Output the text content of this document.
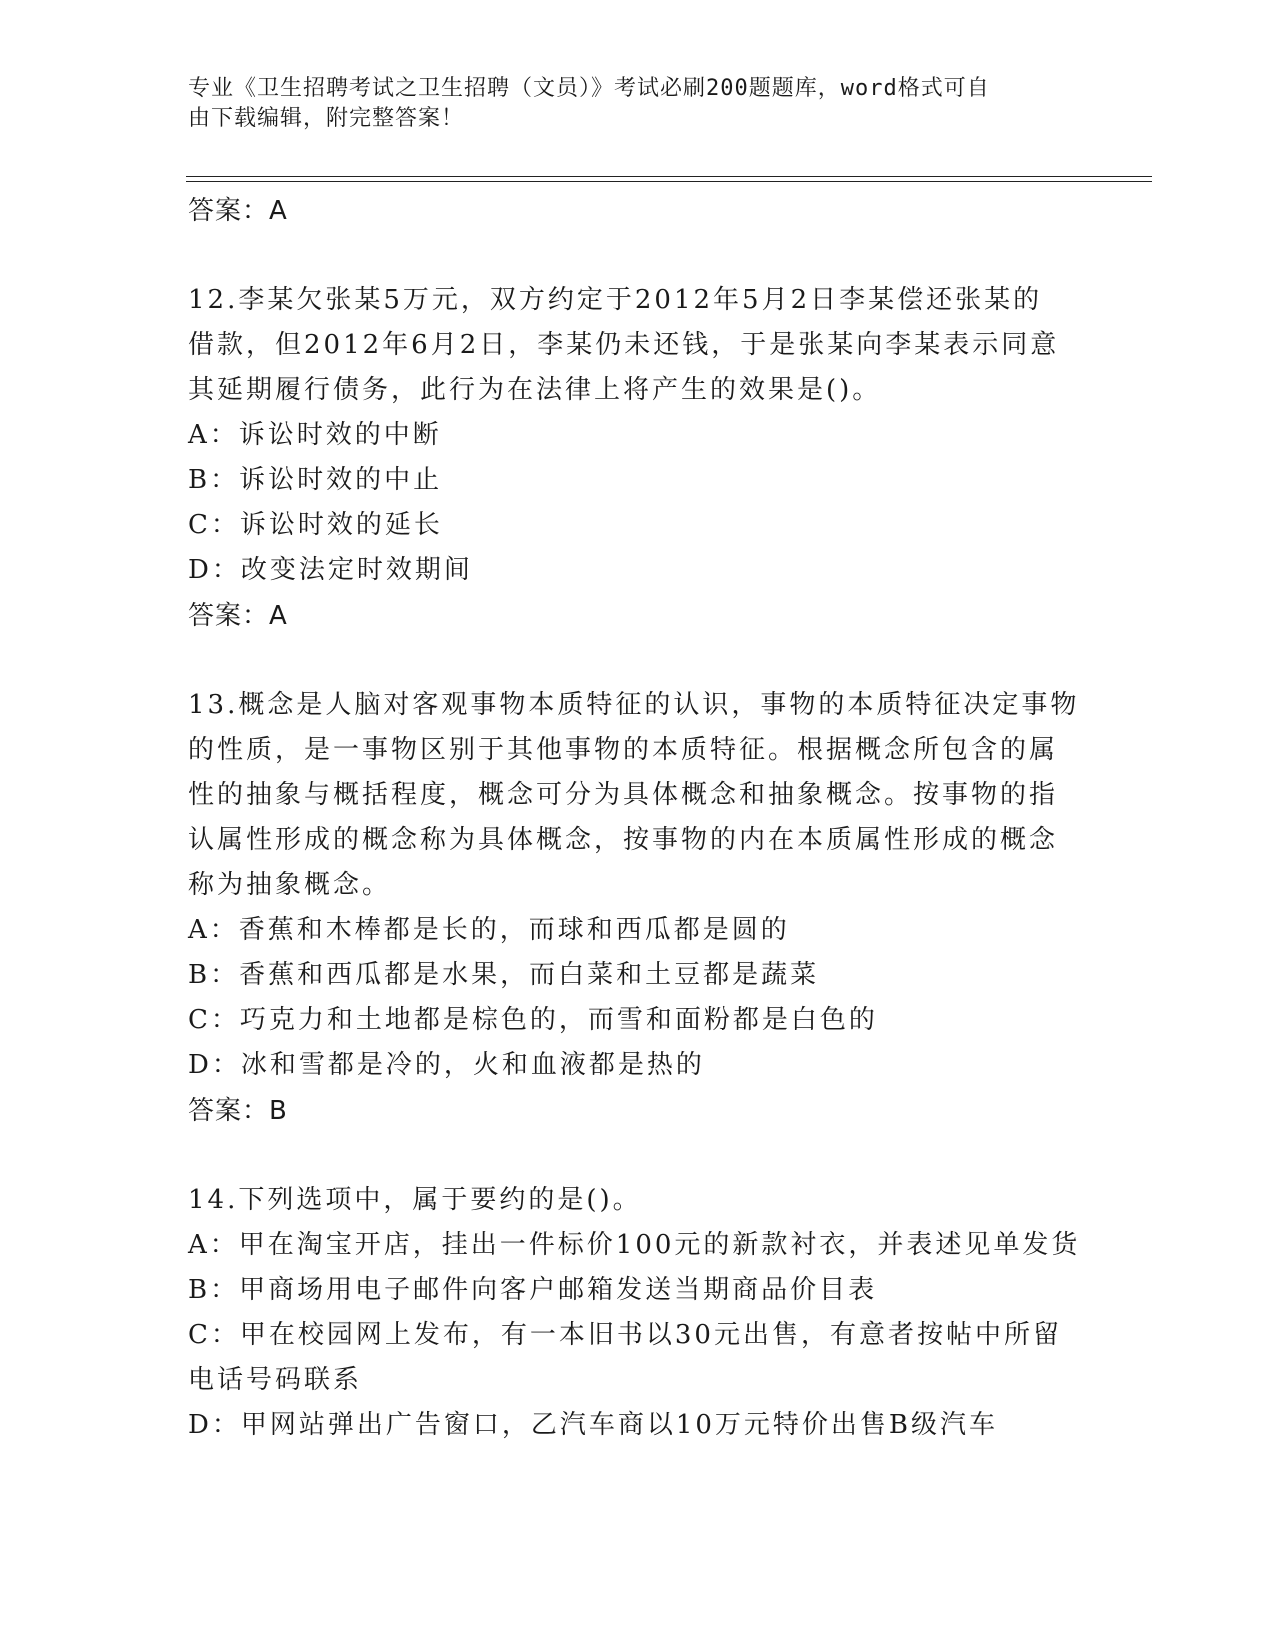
专业《卫生招聘考试之卫生招聘（文员）》考试必刷200题题库，word格式可自
由下载编辑，附完整答案！
答案：A
12.李某欠张某5万元，双方约定于2012年5月2日李某偿还张某的
借款，但2012年6月2日，李某仍未还钱，于是张某向李某表示同意
其延期履行债务，此行为在法律上将产生的效果是()。
A：诉讼时效的中断
B：诉讼时效的中止
C：诉讼时效的延长
D：改变法定时效期间
答案：A
13.概念是人脑对客观事物本质特征的认识，事物的本质特征决定事物
的性质，是一事物区别于其他事物的本质特征。根据概念所包含的属
性的抽象与概括程度，概念可分为具体概念和抽象概念。按事物的指
认属性形成的概念称为具体概念，按事物的内在本质属性形成的概念
称为抽象概念。
A：香蕉和木棒都是长的，而球和西瓜都是圆的
B：香蕉和西瓜都是水果，而白菜和土豆都是蔬菜
C：巧克力和土地都是棕色的，而雪和面粉都是白色的
D：冰和雪都是冷的，火和血液都是热的
答案：B
14.下列选项中，属于要约的是()。
A：甲在淘宝开店，挂出一件标价100元的新款衬衣，并表述见单发货
B：甲商场用电子邮件向客户邮箱发送当期商品价目表
C：甲在校园网上发布，有一本旧书以30元出售，有意者按帖中所留
电话号码联系
D：甲网站弹出广告窗口，乙汽车商以10万元特价出售B级汽车
